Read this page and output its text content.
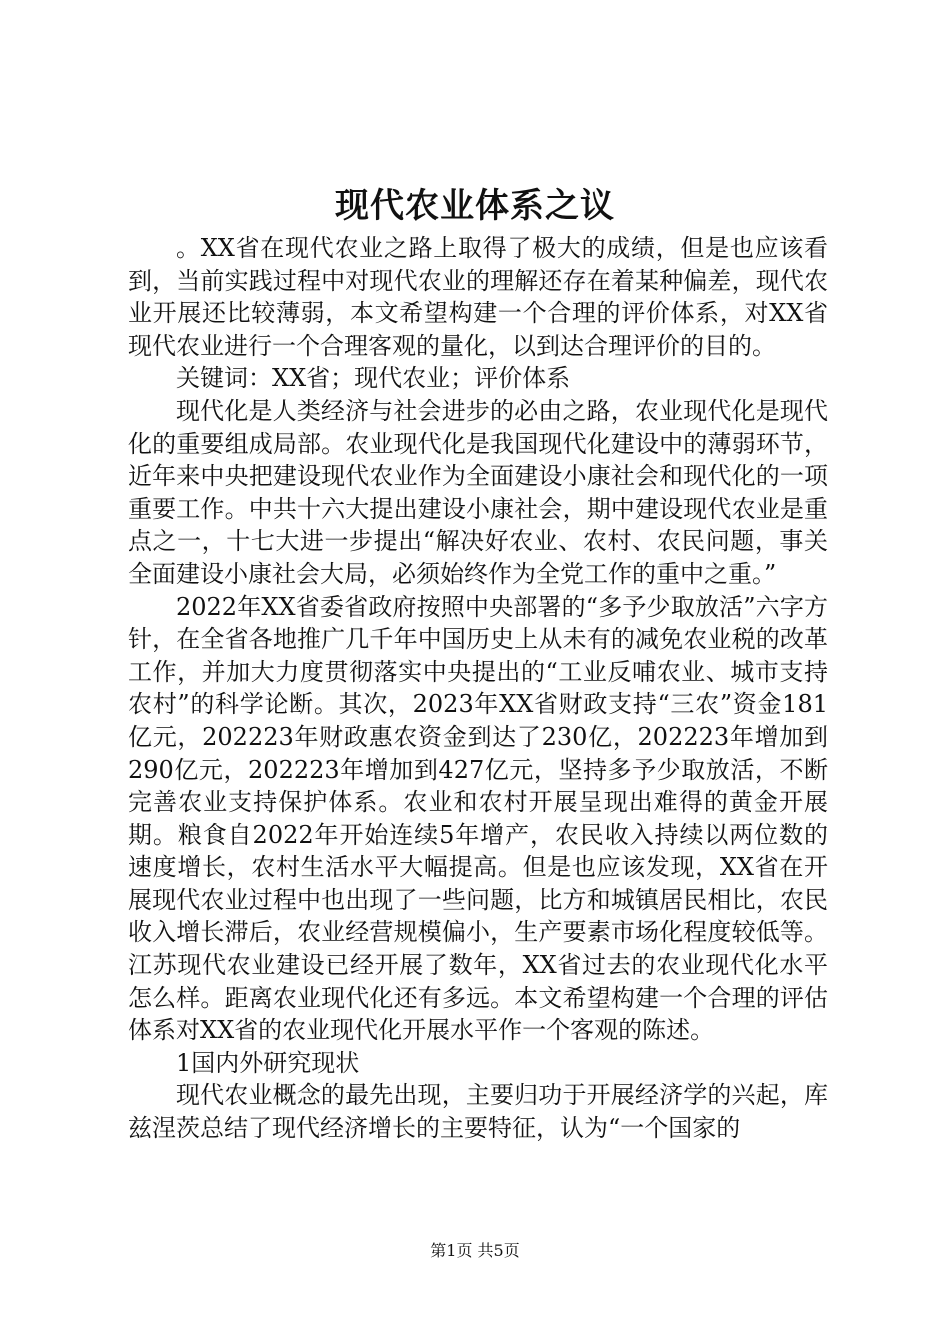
现代农业体系之议

。XX省在现代农业之路上取得了极大的成绩，但是也应该看到，当前实践过程中对现代农业的理解还存在着某种偏差，现代农业开展还比较薄弱，本文希望构建一个合理的评价体系，对XX省现代农业进行一个合理客观的量化，以到达合理评价的目的。

关键词：XX省；现代农业；评价体系

现代化是人类经济与社会进步的必由之路，农业现代化是现代化的重要组成局部。农业现代化是我国现代化建设中的薄弱环节，近年来中央把建设现代农业作为全面建设小康社会和现代化的一项重要工作。中共十六大提出建设小康社会，期中建设现代农业是重点之一，十七大进一步提出“解决好农业、农村、农民问题，事关全面建设小康社会大局，必须始终作为全党工作的重中之重。”

2022年XX省委省政府按照中央部署的“多予少取放活”六字方针，在全省各地推广几千年中国历史上从未有的减免农业税的改革工作，并加大力度贯彻落实中央提出的“工业反哺农业、城市支持农村”的科学论断。其次，2023年XX省财政支持“三农”资金181亿元，202223年财政惠农资金到达了230亿，202223年增加到290亿元，202223年增加到427亿元，坚持多予少取放活，不断完善农业支持保护体系。农业和农村开展呈现出难得的黄金开展期。粮食自2022年开始连续5年增产，农民收入持续以两位数的速度增长，农村生活水平大幅提高。但是也应该发现，XX省在开展现代农业过程中也出现了一些问题，比方和城镇居民相比，农民收入增长滞后，农业经营规模偏小，生产要素市场化程度较低等。江苏现代农业建设已经开展了数年，XX省过去的农业现代化水平怎么样。距离农业现代化还有多远。本文希望构建一个合理的评估体系对XX省的农业现代化开展水平作一个客观的陈述。

1国内外研究现状

现代农业概念的最先出现，主要归功于开展经济学的兴起，库兹涅茨总结了现代经济增长的主要特征，认为“一个国家的

第1页 共5页
